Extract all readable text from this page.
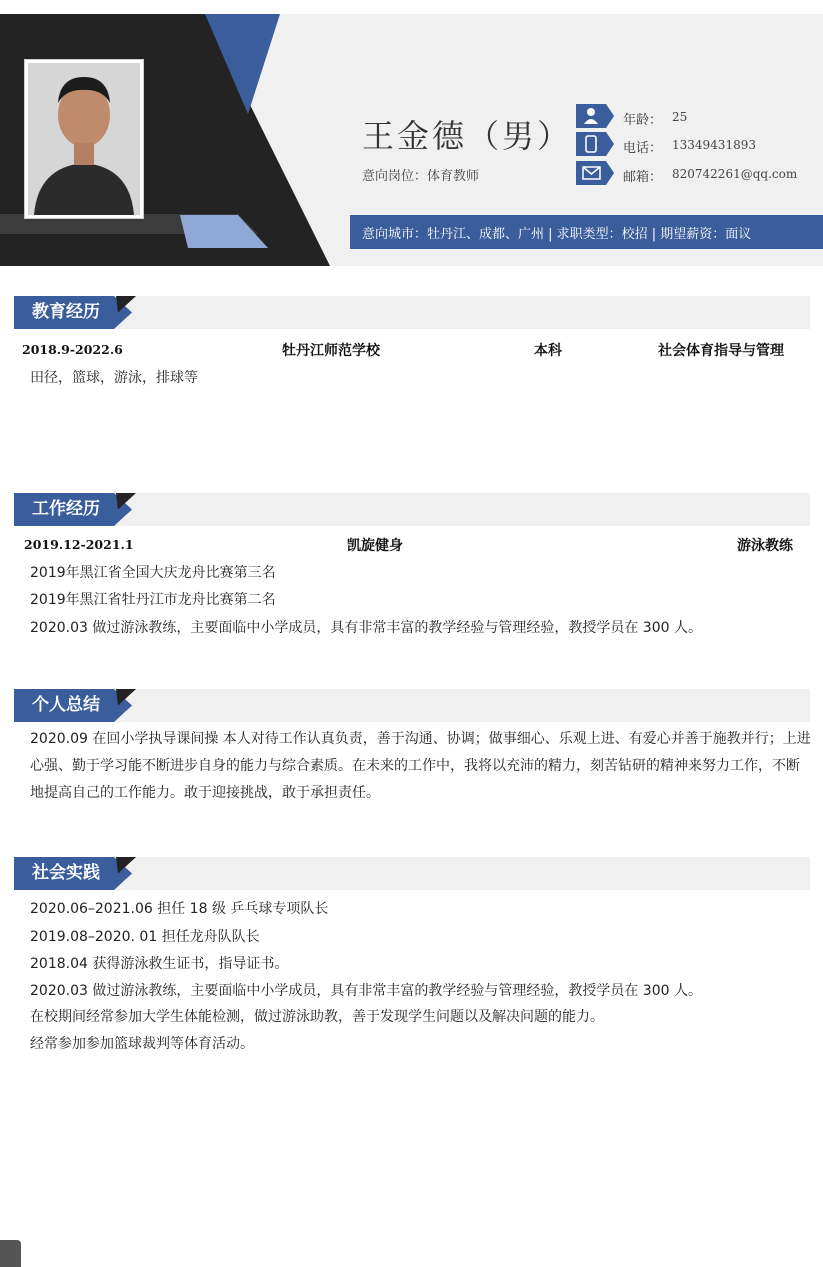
王金德（男）
意向岗位：体育教师
年龄： 25
电话： 13349431893
邮箱： 820742261@qq.com
意向城市：牡丹江、成都、广州 | 求职类型：校招 | 期望薪资：面议
教育经历
2018.9-2022.6	牡丹江师范学校	本科	社会体育指导与管理
田径，篮球，游泳，排球等
工作经历
2019.12-2021.1	凯旋健身	游泳教练
2019年黑江省全国大庆龙舟比赛第三名
2019年黑江省牡丹江市龙舟比赛第二名
2020.03 做过游泳教练，主要面临中小学成员，具有非常丰富的教学经验与管理经验，教授学员在 300 人。
个人总结
2020.09 在回小学执导课间操 本人对待工作认真负责，善于沟通、协调；做事细心、乐观上进、有爱心并善于施教并行；上进心强、勤于学习能不断进步自身的能力与综合素质。在未来的工作中，我将以充沛的精力，刻苦钻研的精神来努力工作，不断地提高自己的工作能力。敢于迎接挑战，敢于承担责任。
社会实践
2020.06–2021.06 担任 18 级 乒乓球专项队长
2019.08–2020. 01 担任龙舟队队长
2018.04 获得游泳救生证书，指导证书。
2020.03 做过游泳教练，主要面临中小学成员，具有非常丰富的教学经验与管理经验，教授学员在 300 人。
在校期间经常参加大学生体能检测，做过游泳助教，善于发现学生问题以及解决问题的能力。
经常参加参加篮球裁判等体育活动。
